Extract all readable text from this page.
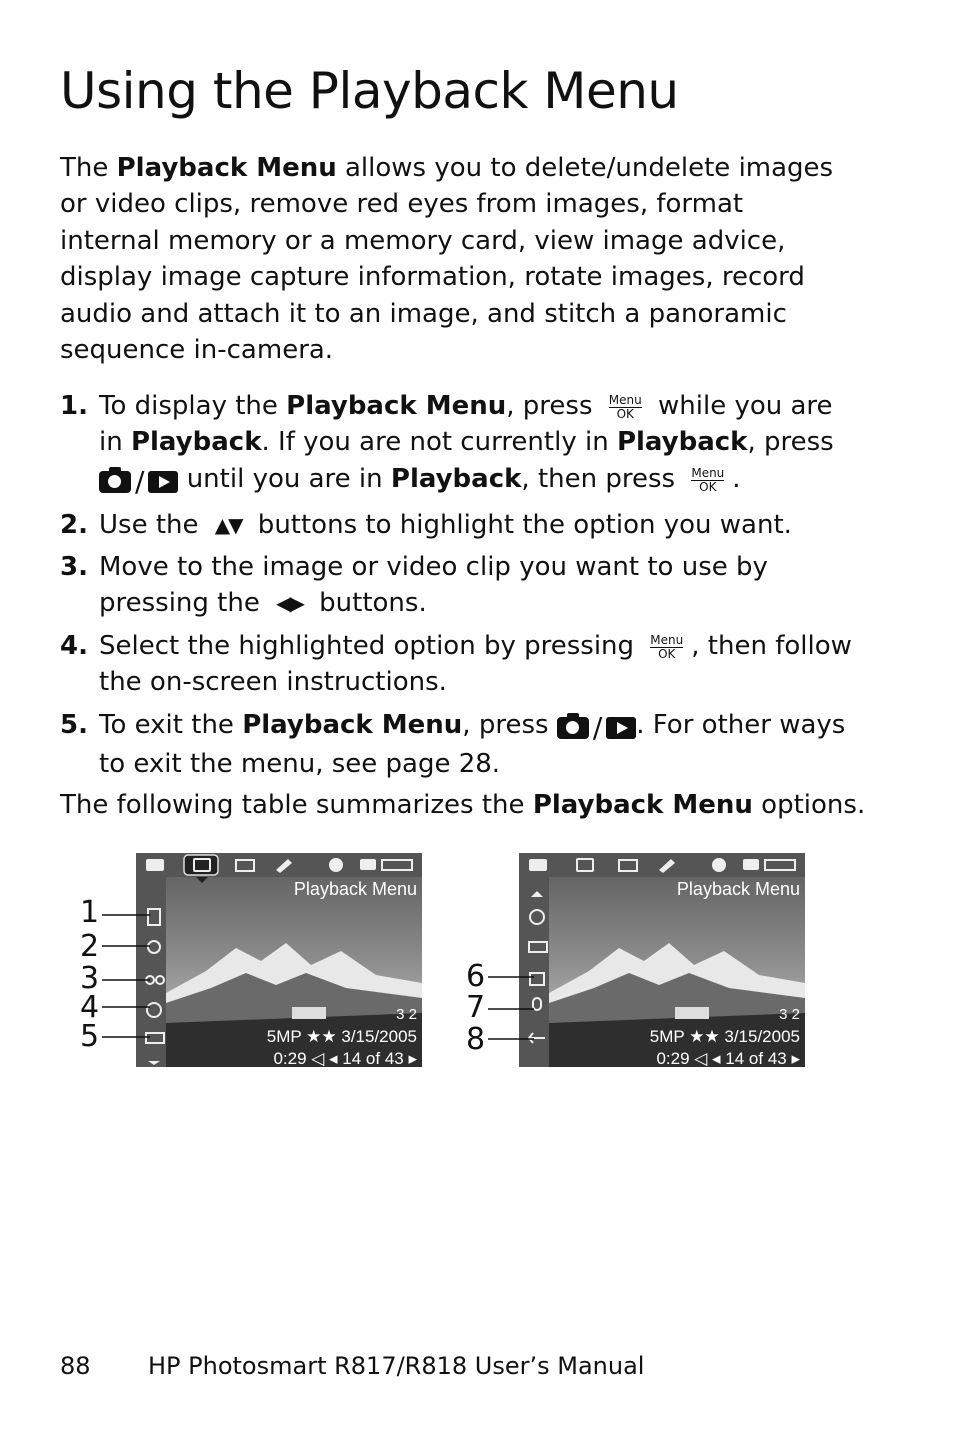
Using the Playback Menu

The Playback Menu allows you to delete/undelete images or video clips, remove red eyes from images, format internal memory or a memory card, view image advice, display image capture information, rotate images, record audio and attach it to an image, and stitch a panoramic sequence in-camera.

1. To display the Playback Menu, press Menu
OK while you are in Playback. If you are not currently in Playback, press
/ until you are in Playback, then press Menu
OK .
2. Use the ▲▼ buttons to highlight the option you want.
3. Move to the image or video clip you want to use by pressing the ◀▶ buttons.
4. Select the highlighted option by pressing Menu
OK , then follow the on-screen instructions.
5. To exit the Playback Menu, press / . For other ways to exit the menu, see page 28.

The following table summarizes the Playback Menu options.

Playback Menu
3 2
5MP ★★ 3/15/2005
0:29 ◁ ◂ 14 of 43 ▸
Playback Menu
3 2
5MP ★★ 3/15/2005
0:29 ◁ ◂ 14 of 43 ▸
1
2
3
4
5
6
7
8
88 HP Photosmart R817/R818 User’s Manual
